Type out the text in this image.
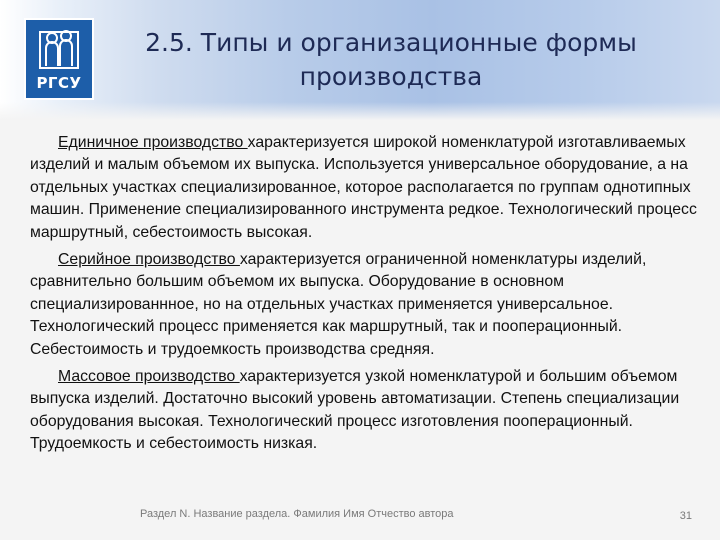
РГСУ
2.5. Типы и организационные формы производства

Единичное производство характеризуется широкой номенклатурой изготавливаемых изделий и малым объемом их выпуска. Используется универсальное оборудование, а на отдельных участках специализированное, которое располагается по группам однотипных машин. Применение специализированного инструмента редкое. Технологический процесс маршрутный, себестоимость высокая.

Серийное производство характеризуется ограниченной номенклатуры изделий, сравнительно большим объемом их выпуска. Оборудование в основном специализированнное, но на отдельных участках применяется универсальное. Технологический процесс применяется как маршрутный, так и пооперационный. Себестоимость и трудоемкость производства средняя.

Массовое производство характеризуется узкой номенклатурой и большим объемом выпуска изделий. Достаточно высокий уровень автоматизации. Степень специализации оборудования высокая. Технологический процесс изготовления пооперационный. Трудоемкость и себестоимость низкая.

Раздел N. Название раздела. Фамилия Имя Отчество автора	31
